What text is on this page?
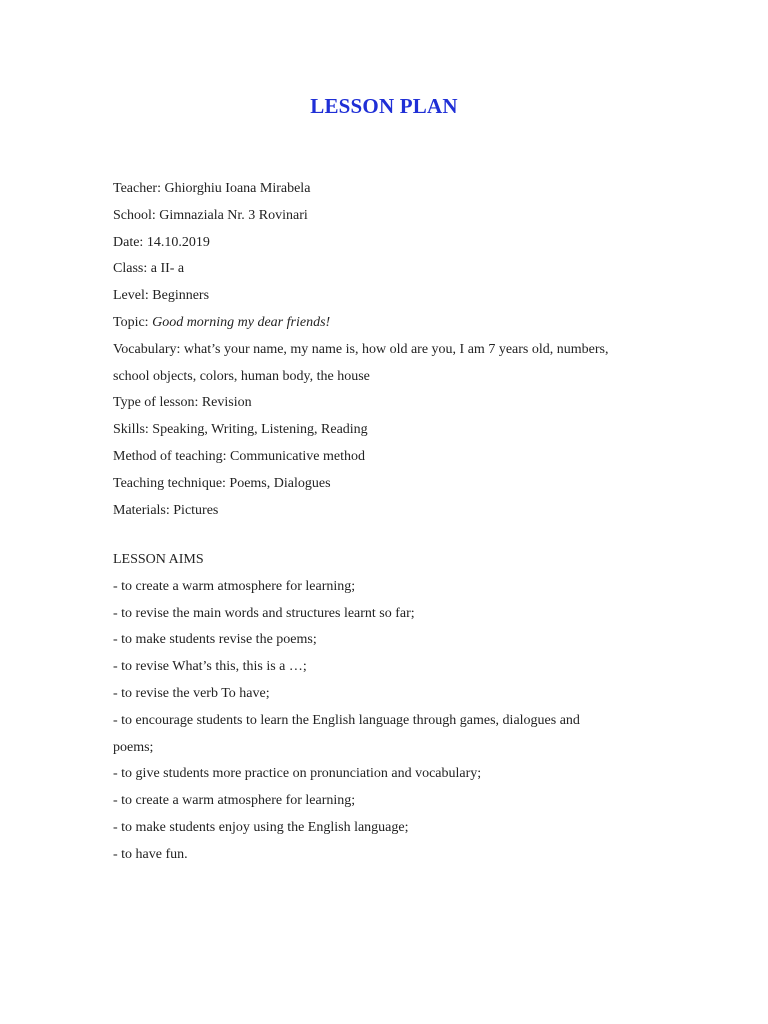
LESSON PLAN
Teacher: Ghiorghiu Ioana Mirabela
School: Gimnaziala Nr. 3 Rovinari
Date: 14.10.2019
Class: a II- a
Level: Beginners
Topic: Good morning my dear friends!
Vocabulary: what’s your name, my name is, how old are you, I am 7 years old, numbers,
school objects, colors, human body, the house
Type of lesson: Revision
Skills: Speaking, Writing, Listening, Reading
Method of teaching: Communicative method
Teaching technique: Poems, Dialogues
Materials: Pictures
LESSON AIMS
- to create a warm atmosphere for learning;
- to revise the main words and structures learnt so far;
- to make students revise the poems;
- to revise What’s this, this is a …;
- to revise the verb To have;
- to encourage students to learn the English language through games, dialogues and
poems;
- to give students more practice on pronunciation and vocabulary;
- to create a warm atmosphere for learning;
- to make students enjoy using the English language;
- to have fun.
